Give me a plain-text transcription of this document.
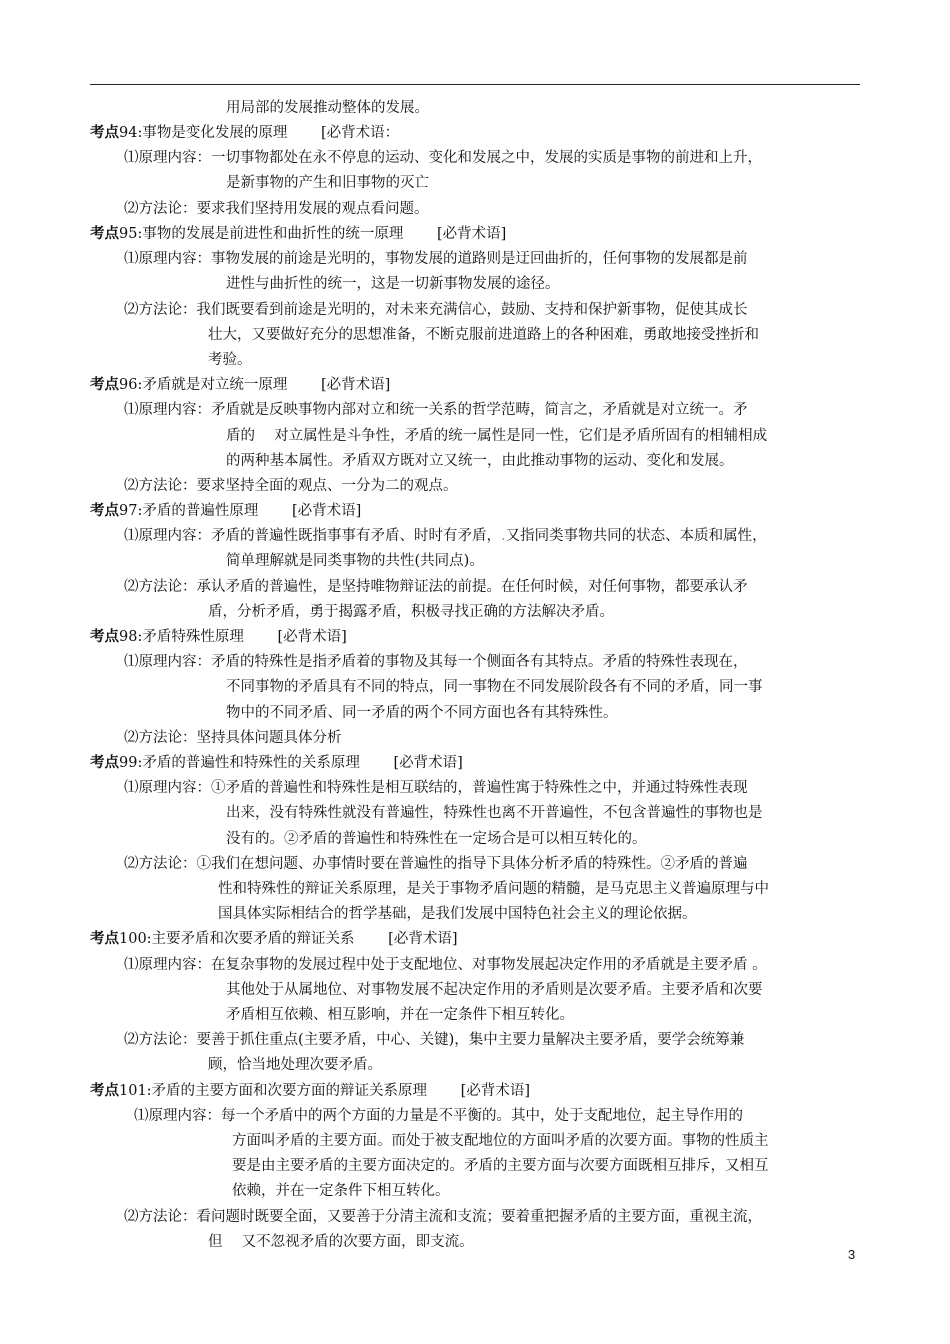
用局部的发展推动整体的发展。
考点94:事物是变化发展的原理　　 [必背术语：
⑴原理内容：一切事物都处在永不停息的运动、变化和发展之中，发展的实质是事物的前进和上升，
是新事物的产生和旧事物的灭亡
⑵方法论：要求我们坚持用发展的观点看问题。
考点95:事物的发展是前进性和曲折性的统一原理　　 [必背术语]
⑴原理内容：事物发展的前途是光明的，事物发展的道路则是迂回曲折的，任何事物的发展都是前
进性与曲折性的统一，这是一切新事物发展的途径。
⑵方法论：我们既要看到前途是光明的，对未来充满信心，鼓励、支持和保护新事物，促使其成长
壮大，又要做好充分的思想准备，不断克服前进道路上的各种困难，勇敢地接受挫折和
考验。
考点96:矛盾就是对立统一原理　　 [必背术语]
⑴原理内容：矛盾就是反映事物内部对立和统一关系的哲学范畴，简言之，矛盾就是对立统一。矛
盾的　 对立属性是斗争性，矛盾的统一属性是同一性，它们是矛盾所固有的相辅相成
的两种基本属性。矛盾双方既对立又统一，由此推动事物的运动、变化和发展。
⑵方法论：要求坚持全面的观点、一分为二的观点。
考点97:矛盾的普遍性原理　　 [必背术语]
⑴原理内容：矛盾的普遍性既指事事有矛盾、时时有矛盾，.又指同类事物共同的状态、本质和属性，
简单理解就是同类事物的共性(共同点)。
⑵方法论：承认矛盾的普遍性，是坚持唯物辩证法的前提。在任何时候，对任何事物，都要承认矛
盾，分析矛盾，勇于揭露矛盾，积极寻找正确的方法解决矛盾。
考点98:矛盾特殊性原理　　 [必背术语]
⑴原理内容：矛盾的特殊性是指矛盾着的事物及其每一个侧面各有其特点。矛盾的特殊性表现在，
不同事物的矛盾具有不同的特点，同一事物在不同发展阶段各有不同的矛盾，同一事
物中的不同矛盾、同一矛盾的两个不同方面也各有其特殊性。
⑵方法论：坚持具体问题具体分析
考点99:矛盾的普遍性和特殊性的关系原理　　 [必背术语]
⑴原理内容：①矛盾的普遍性和特殊性是相互联结的，普遍性寓于特殊性之中，并通过特殊性表现
出来，没有特殊性就没有普遍性，特殊性也离不开普遍性，不包含普遍性的事物也是
没有的。②矛盾的普遍性和特殊性在一定场合是可以相互转化的。
⑵方法论：①我们在想问题、办事情时要在普遍性的指导下具体分析矛盾的特殊性。②矛盾的普遍
性和特殊性的辩证关系原理，是关于事物矛盾问题的精髓，是马克思主义普遍原理与中
国具体实际相结合的哲学基础，是我们发展中国特色社会主义的理论依据。
考点100:主要矛盾和次要矛盾的辩证关系　　 [必背术语]
⑴原理内容：在复杂事物的发展过程中处于支配地位、对事物发展起决定作用的矛盾就是主要矛盾 。
其他处于从属地位、对事物发展不起决定作用的矛盾则是次要矛盾。主要矛盾和次要
矛盾相互依赖、相互影响，并在一定条件下相互转化。
⑵方法论：要善于抓住重点(主要矛盾，中心、关键)，集中主要力量解决主要矛盾，要学会统筹兼
顾，恰当地处理次要矛盾。
考点101:矛盾的主要方面和次要方面的辩证关系原理　　 [必背术语]
⑴原理内容：每一个矛盾中的两个方面的力量是不平衡的。其中，处于支配地位，起主导作用的
方面叫矛盾的主要方面。而处于被支配地位的方面叫矛盾的次要方面。事物的性质主
要是由主要矛盾的主要方面决定的。矛盾的主要方面与次要方面既相互排斥，又相互
依赖，并在一定条件下相互转化。
⑵方法论：看问题时既要全面，又要善于分清主流和支流；要着重把握矛盾的主要方面，重视主流，
但　 又不忽视矛盾的次要方面，即支流。
3
